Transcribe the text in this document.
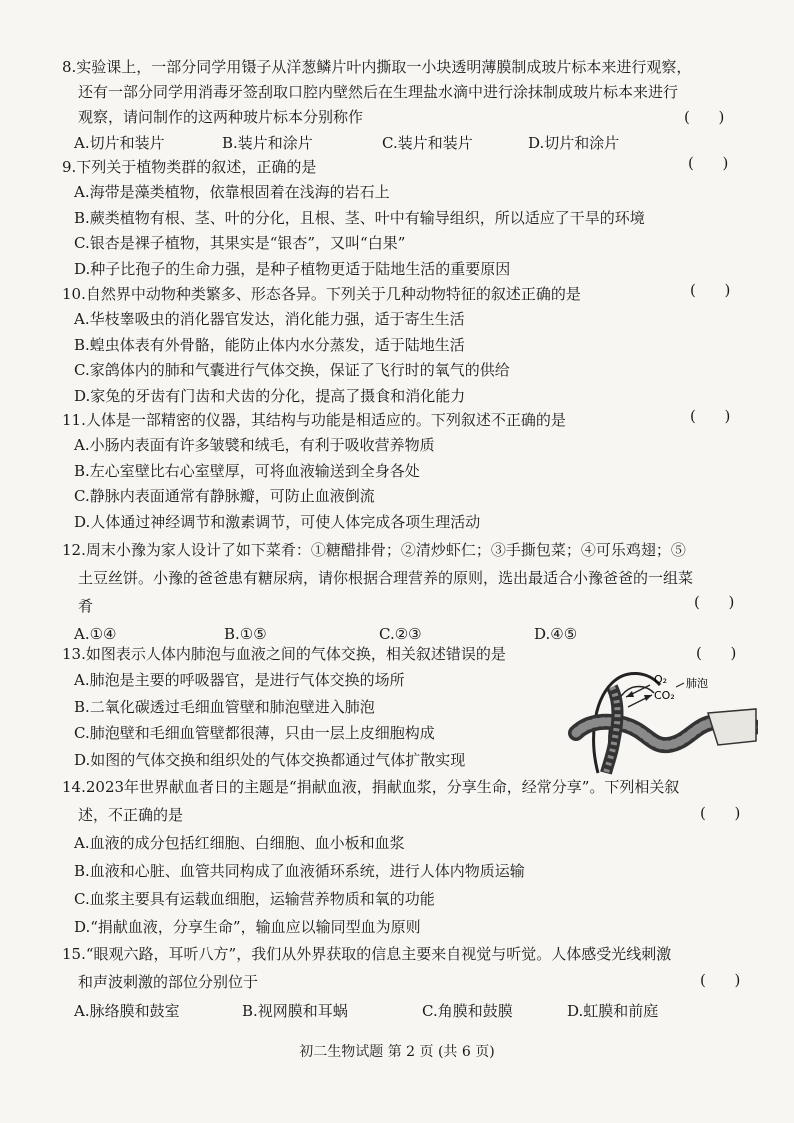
8.实验课上，一部分同学用镊子从洋葱鳞片叶内撕取一小块透明薄膜制成玻片标本来进行观察，
还有一部分同学用消毒牙签刮取口腔内壁然后在生理盐水滴中进行涂抹制成玻片标本来进行
观察，请问制作的这两种玻片标本分别称作
A.切片和装片	B.装片和涂片	C.装片和装片	D.切片和涂片
(      )
9.下列关于植物类群的叙述，正确的是
A.海带是藻类植物，依靠根固着在浅海的岩石上
B.蕨类植物有根、茎、叶的分化，且根、茎、叶中有输导组织，所以适应了干旱的环境
C.银杏是裸子植物，其果实是“银杏”，又叫“白果”
D.种子比孢子的生命力强，是种子植物更适于陆地生活的重要原因
(      )
10.自然界中动物种类繁多、形态各异。下列关于几种动物特征的叙述正确的是
A.华枝睾吸虫的消化器官发达，消化能力强，适于寄生生活
B.蝗虫体表有外骨骼，能防止体内水分蒸发，适于陆地生活
C.家鸽体内的肺和气囊进行气体交换，保证了飞行时的氧气的供给
D.家兔的牙齿有门齿和犬齿的分化，提高了摄食和消化能力
(      )
11.人体是一部精密的仪器，其结构与功能是相适应的。下列叙述不正确的是
A.小肠内表面有许多皱襞和绒毛，有利于吸收营养物质
B.左心室壁比右心室壁厚，可将血液输送到全身各处
C.静脉内表面通常有静脉瓣，可防止血液倒流
D.人体通过神经调节和激素调节，可使人体完成各项生理活动
(      )
12.周末小豫为家人设计了如下菜肴：①糖醋排骨；②清炒虾仁；③手撕包菜；④可乐鸡翅；⑤
土豆丝饼。小豫的爸爸患有糖尿病，请你根据合理营养的原则，选出最适合小豫爸爸的一组菜
肴
A.①④	B.①⑤	C.②③	D.④⑤
(      )
13.如图表示人体内肺泡与血液之间的气体交换，相关叙述错误的是
A.肺泡是主要的呼吸器官，是进行气体交换的场所
B.二氧化碳透过毛细血管壁和肺泡壁进入肺泡
C.肺泡壁和毛细血管壁都很薄，只由一层上皮细胞构成
D.如图的气体交换和组织处的气体交换都通过气体扩散实现
(      )
O₂
CO₂
肺泡
14.2023年世界献血者日的主题是“捐献血液，捐献血浆，分享生命，经常分享”。下列相关叙
述，不正确的是
A.血液的成分包括红细胞、白细胞、血小板和血浆
B.血液和心脏、血管共同构成了血液循环系统，进行人体内物质运输
C.血浆主要具有运载血细胞，运输营养物质和氧的功能
D.“捐献血液，分享生命”，输血应以输同型血为原则
(      )
15.“眼观六路，耳听八方”，我们从外界获取的信息主要来自视觉与听觉。人体感受光线刺激
和声波刺激的部位分别位于
A.脉络膜和鼓室	B.视网膜和耳蜗	C.角膜和鼓膜	D.虹膜和前庭
(      )
初二生物试题 第 2 页 (共 6 页)
